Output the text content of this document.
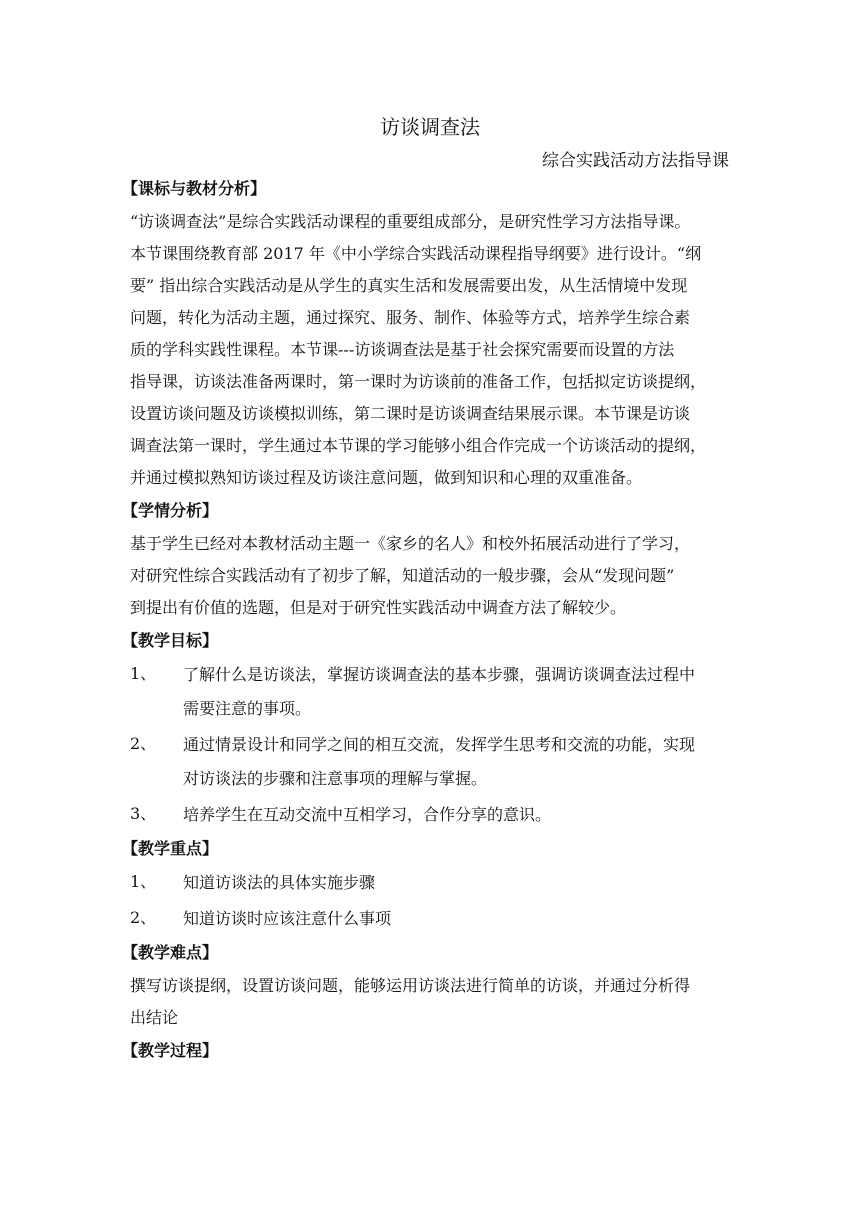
访谈调查法
综合实践活动方法指导课
【课标与教材分析】
“访谈调查法”是综合实践活动课程的重要组成部分，是研究性学习方法指导课。
本节课围绕教育部 2017 年《中小学综合实践活动课程指导纲要》进行设计。“纲
要” 指出综合实践活动是从学生的真实生活和发展需要出发，从生活情境中发现
问题，转化为活动主题，通过探究、服务、制作、体验等方式，培养学生综合素
质的学科实践性课程。本节课---访谈调查法是基于社会探究需要而设置的方法
指导课，访谈法准备两课时，第一课时为访谈前的准备工作，包括拟定访谈提纲，
设置访谈问题及访谈模拟训练，第二课时是访谈调查结果展示课。本节课是访谈
调查法第一课时，学生通过本节课的学习能够小组合作完成一个访谈活动的提纲，
并通过模拟熟知访谈过程及访谈注意问题，做到知识和心理的双重准备。
【学情分析】
基于学生已经对本教材活动主题一《家乡的名人》和校外拓展活动进行了学习，
对研究性综合实践活动有了初步了解，知道活动的一般步骤，会从“发现问题”
到提出有价值的选题，但是对于研究性实践活动中调查方法了解较少。
【教学目标】
1、	了解什么是访谈法，掌握访谈调查法的基本步骤，强调访谈调查法过程中
需要注意的事项。
2、	通过情景设计和同学之间的相互交流，发挥学生思考和交流的功能，实现
对访谈法的步骤和注意事项的理解与掌握。
3、	培养学生在互动交流中互相学习，合作分享的意识。
【教学重点】
1、	知道访谈法的具体实施步骤
2、	知道访谈时应该注意什么事项
【教学难点】
撰写访谈提纲，设置访谈问题，能够运用访谈法进行简单的访谈，并通过分析得
出结论
【教学过程】
